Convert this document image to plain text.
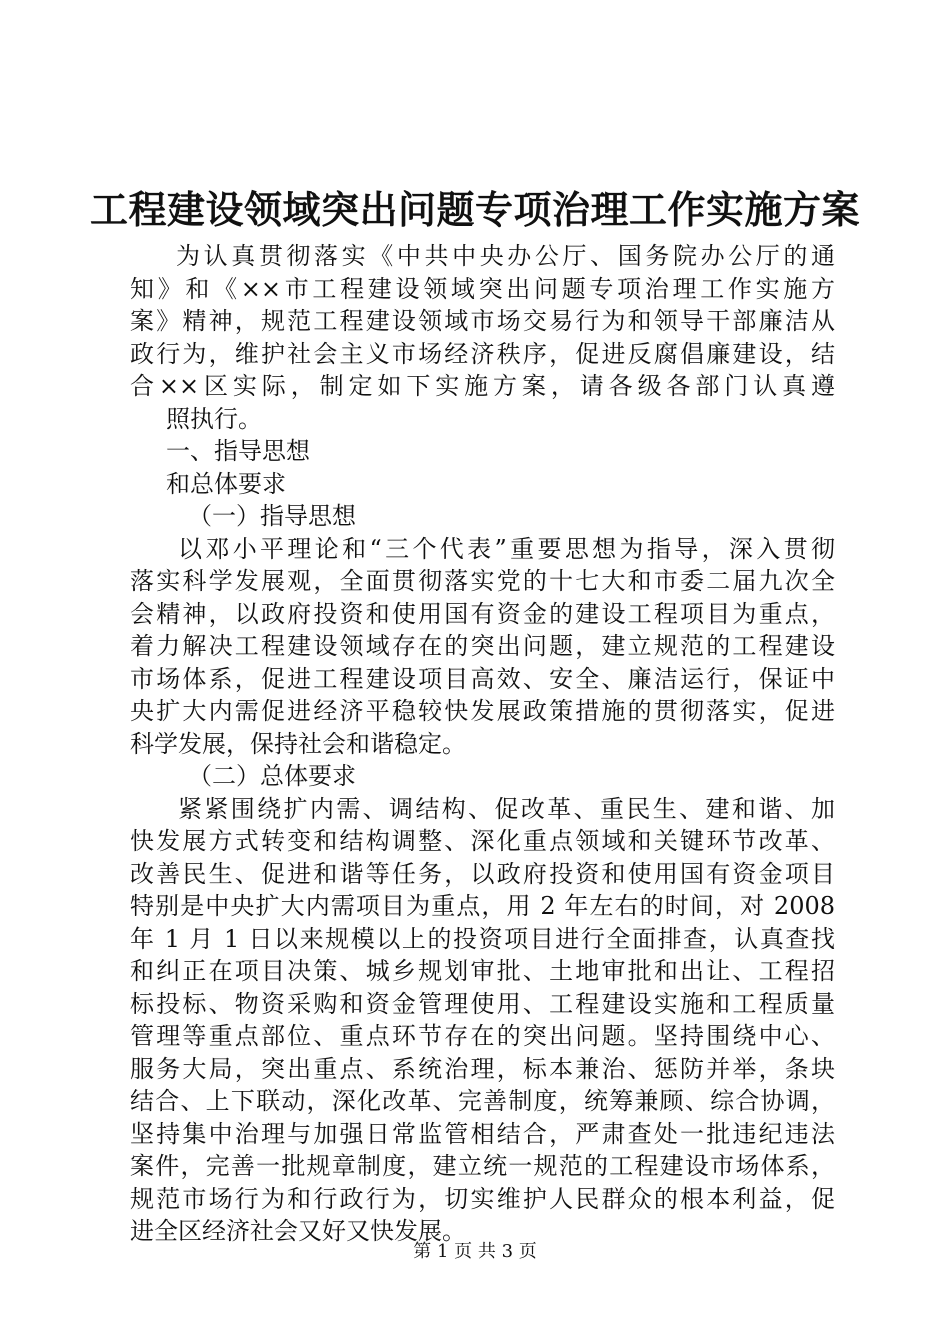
工程建设领域突出问题专项治理工作实施方案
为认真贯彻落实《中共中央办公厅、国务院办公厅的通
知》和《××市工程建设领域突出问题专项治理工作实施方
案》精神，规范工程建设领域市场交易行为和领导干部廉洁从
政行为，维护社会主义市场经济秩序，促进反腐倡廉建设，结
合××区实际，制定如下实施方案，请各级各部门认真遵
照执行。
一、指导思想
和总体要求
（一）指导思想
以邓小平理论和“三个代表”重要思想为指导，深入贯彻
落实科学发展观，全面贯彻落实党的十七大和市委二届九次全
会精神，以政府投资和使用国有资金的建设工程项目为重点，
着力解决工程建设领域存在的突出问题，建立规范的工程建设
市场体系，促进工程建设项目高效、安全、廉洁运行，保证中
央扩大内需促进经济平稳较快发展政策措施的贯彻落实，促进
科学发展，保持社会和谐稳定。
（二）总体要求
紧紧围绕扩内需、调结构、促改革、重民生、建和谐、加
快发展方式转变和结构调整、深化重点领域和关键环节改革、
改善民生、促进和谐等任务，以政府投资和使用国有资金项目
特别是中央扩大内需项目为重点，用 2 年左右的时间，对 2008
年 1 月 1 日以来规模以上的投资项目进行全面排查，认真查找
和纠正在项目决策、城乡规划审批、土地审批和出让、工程招
标投标、物资采购和资金管理使用、工程建设实施和工程质量
管理等重点部位、重点环节存在的突出问题。坚持围绕中心、
服务大局，突出重点、系统治理，标本兼治、惩防并举，条块
结合、上下联动，深化改革、完善制度，统筹兼顾、综合协调，
坚持集中治理与加强日常监管相结合，严肃查处一批违纪违法
案件，完善一批规章制度，建立统一规范的工程建设市场体系，
规范市场行为和行政行为，切实维护人民群众的根本利益，促
进全区经济社会又好又快发展。
第 1 页 共 3 页
